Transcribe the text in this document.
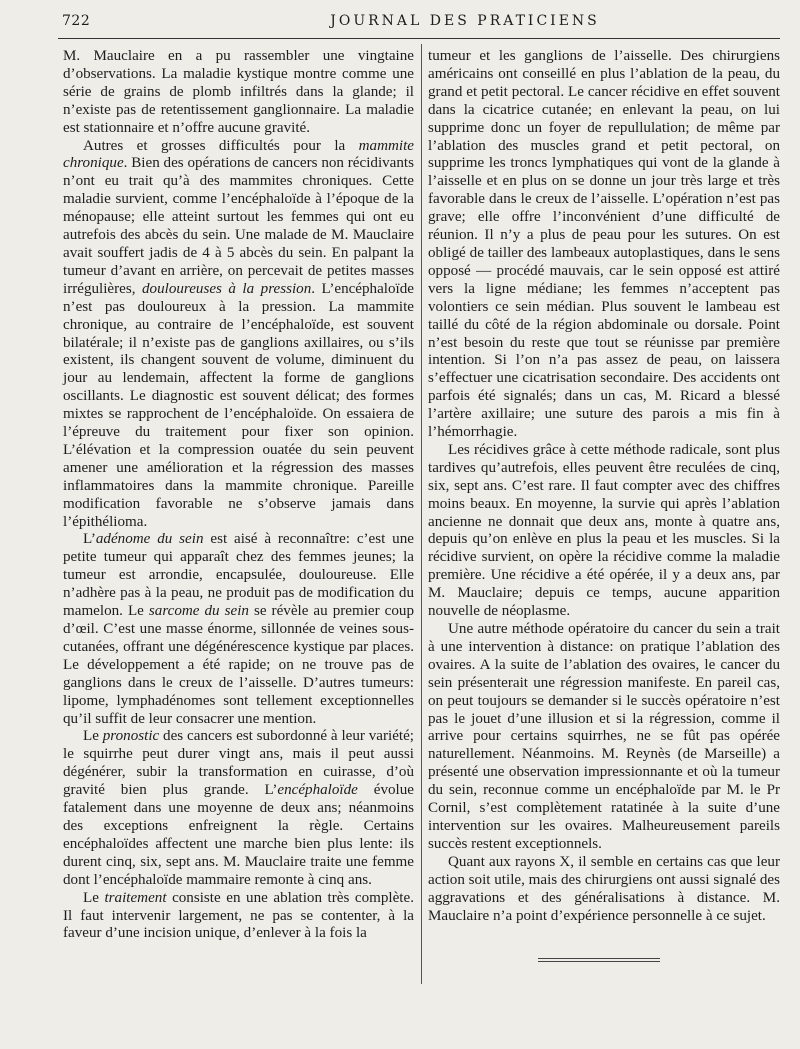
722	JOURNAL DES PRATICIENS

M. Mauclaire en a pu rassembler une vingtaine d’observations. La maladie kystique montre comme une série de grains de plomb infiltrés dans la glande; il n’existe pas de retentissement ganglionnaire. La maladie est stationnaire et n’offre aucune gravité.

Autres et grosses difficultés pour la mammite chronique. Bien des opérations de cancers non récidivants n’ont eu trait qu’à des mammites chroniques. Cette maladie survient, comme l’encéphaloïde à l’époque de la ménopause; elle atteint surtout les femmes qui ont eu autrefois des abcès du sein. Une malade de M. Mauclaire avait souffert jadis de 4 à 5 abcès du sein. En palpant la tumeur d’avant en arrière, on percevait de petites masses irrégulières, douloureuses à la pression. L’encéphaloïde n’est pas douloureux à la pression. La mammite chronique, au contraire de l’encéphaloïde, est souvent bilatérale; il n’existe pas de ganglions axillaires, ou s’ils existent, ils changent souvent de volume, diminuent du jour au lendemain, affectent la forme de ganglions oscillants. Le diagnostic est souvent délicat; des formes mixtes se rapprochent de l’encéphaloïde. On essaiera de l’épreuve du traitement pour fixer son opinion. L’élévation et la compression ouatée du sein peuvent amener une amélioration et la régression des masses inflammatoires dans la mammite chronique. Pareille modification favorable ne s’observe jamais dans l’épithélioma.

L’adénome du sein est aisé à reconnaître: c’est une petite tumeur qui apparaît chez des femmes jeunes; la tumeur est arrondie, encapsulée, douloureuse. Elle n’adhère pas à la peau, ne produit pas de modification du mamelon. Le sarcome du sein se révèle au premier coup d’œil. C’est une masse énorme, sillonnée de veines sous-cutanées, offrant une dégénérescence kystique par places. Le développement a été rapide; on ne trouve pas de ganglions dans le creux de l’aisselle. D’autres tumeurs: lipome, lymphadénomes sont tellement exceptionnelles qu’il suffit de leur consacrer une mention.

Le pronostic des cancers est subordonné à leur variété; le squirrhe peut durer vingt ans, mais il peut aussi dégénérer, subir la transformation en cuirasse, d’où gravité bien plus grande. L’encéphaloïde évolue fatalement dans une moyenne de deux ans; néanmoins des exceptions enfreignent la règle. Certains encéphaloïdes affectent une marche bien plus lente: ils durent cinq, six, sept ans. M. Mauclaire traite une femme dont l’encéphaloïde mammaire remonte à cinq ans.

Le traitement consiste en une ablation très complète. Il faut intervenir largement, ne pas se contenter, à la faveur d’une incision unique, d’enlever à la fois la

tumeur et les ganglions de l’aisselle. Des chirurgiens américains ont conseillé en plus l’ablation de la peau, du grand et petit pectoral. Le cancer récidive en effet souvent dans la cicatrice cutanée; en enlevant la peau, on lui supprime donc un foyer de repullulation; de même par l’ablation des muscles grand et petit pectoral, on supprime les troncs lymphatiques qui vont de la glande à l’aisselle et en plus on se donne un jour très large et très favorable dans le creux de l’aisselle. L’opération n’est pas grave; elle offre l’inconvénient d’une difficulté de réunion. Il n’y a plus de peau pour les sutures. On est obligé de tailler des lambeaux autoplastiques, dans le sens opposé — procédé mauvais, car le sein opposé est attiré vers la ligne médiane; les femmes n’acceptent pas volontiers ce sein médian. Plus souvent le lambeau est taillé du côté de la région abdominale ou dorsale. Point n’est besoin du reste que tout se réunisse par première intention. Si l’on n’a pas assez de peau, on laissera s’effectuer une cicatrisation secondaire. Des accidents ont parfois été signalés; dans un cas, M. Ricard a blessé l’artère axillaire; une suture des parois a mis fin à l’hémorrhagie.

Les récidives grâce à cette méthode radicale, sont plus tardives qu’autrefois, elles peuvent être reculées de cinq, six, sept ans. C’est rare. Il faut compter avec des chiffres moins beaux. En moyenne, la survie qui après l’ablation ancienne ne donnait que deux ans, monte à quatre ans, depuis qu’on enlève en plus la peau et les muscles. Si la récidive survient, on opère la récidive comme la maladie première. Une récidive a été opérée, il y a deux ans, par M. Mauclaire; depuis ce temps, aucune apparition nouvelle de néoplasme.

Une autre méthode opératoire du cancer du sein a trait à une intervention à distance: on pratique l’ablation des ovaires. A la suite de l’ablation des ovaires, le cancer du sein présenterait une régression manifeste. En pareil cas, on peut toujours se demander si le succès opératoire n’est pas le jouet d’une illusion et si la régression, comme il arrive pour certains squirrhes, ne se fût pas opérée naturellement. Néanmoins. M. Reynès (de Marseille) a présenté une observation impressionnante et où la tumeur du sein, reconnue comme un encéphaloïde par M. le Pr Cornil, s’est complètement ratatinée à la suite d’une intervention sur les ovaires. Malheureusement pareils succès restent exceptionnels.

Quant aux rayons X, il semble en certains cas que leur action soit utile, mais des chirurgiens ont aussi signalé des aggravations et des généralisations à distance. M. Mauclaire n’a point d’expérience personnelle à ce sujet.
